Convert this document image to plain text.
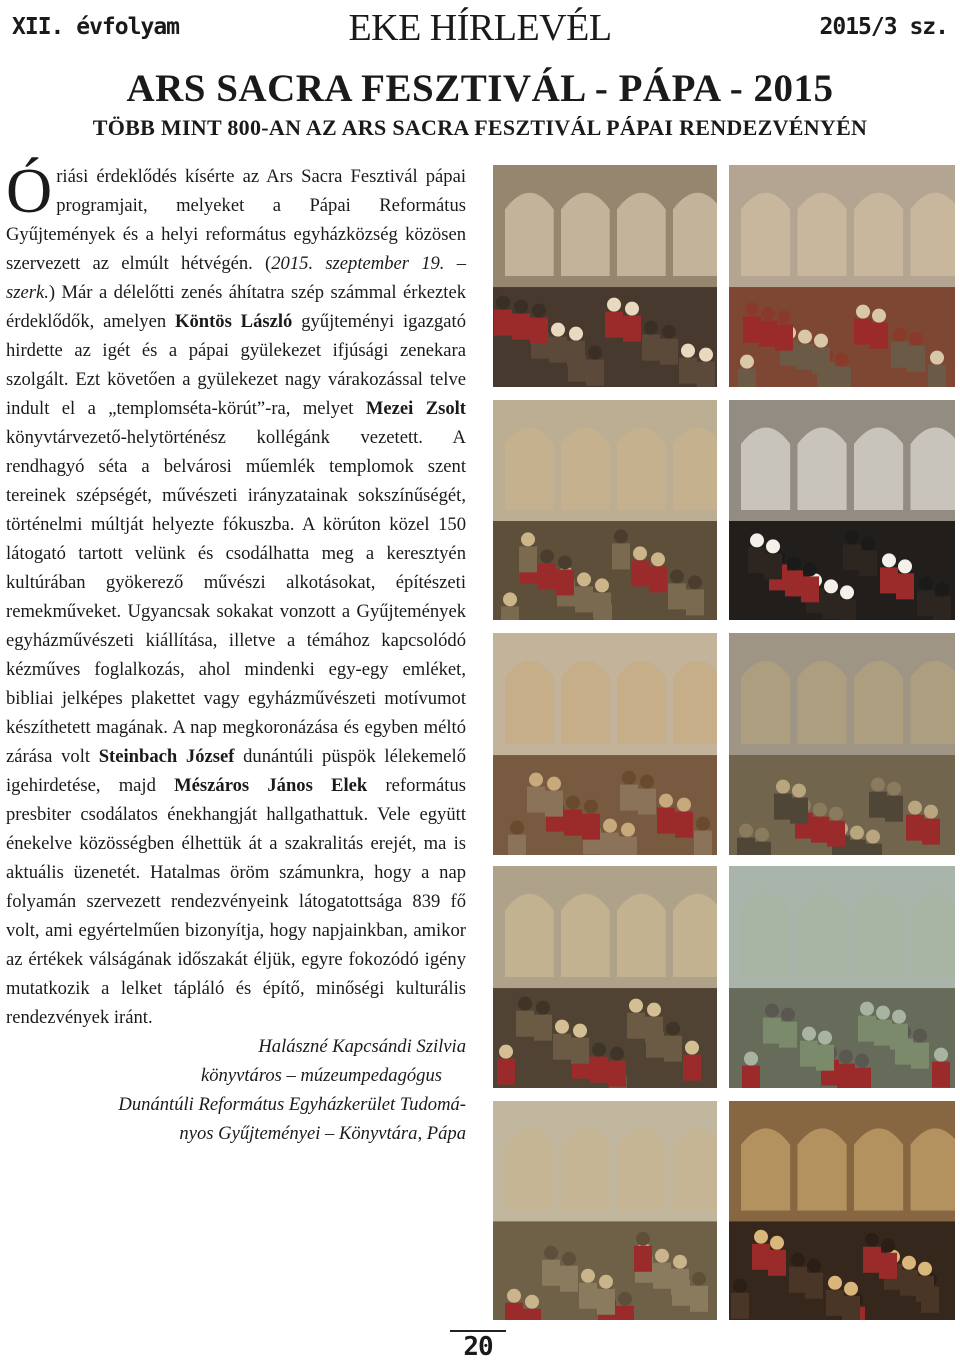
XII. évfolyam	EKE HÍRLEVÉL	2015/3 sz.
ARS SACRA FESZTIVÁL - PÁPA - 2015
TÖBB MINT 800-AN AZ ARS SACRA FESZTIVÁL PÁPAI RENDEZVÉNYÉN

Óriási érdeklődés kísérte az Ars Sacra Fesztivál pápai programjait, melyeket a Pápai Református Gyűjtemények és a helyi református egyházközség közösen szervezett az elmúlt hétvégén. (2015. szeptember 19. – szerk.) Már a délelőtti zenés áhítatra szép számmal érkeztek érdeklődők, amelyen Köntös László gyűjteményi igazgató hirdette az igét és a pápai gyülekezet ifjúsági zenekara szolgált. Ezt követően a gyülekezet nagy várakozással telve indult el a „templomséta-körút”-ra, melyet Mezei Zsolt könyvtárvezető-helytörténész kollégánk vezetett. A rendhagyó séta a belvárosi műemlék templomok szent tereinek szépségét, művészeti irányzatainak sokszínűségét, történelmi múltját helyezte fókuszba. A körúton közel 150 látogató tartott velünk és csodálhatta meg a keresztyén kultúrában gyökerező művészi alkotásokat, építészeti remekműveket. Ugyancsak sokakat vonzott a Gyűjtemények egyházművészeti kiállítása, illetve a témához kapcsolódó kézműves foglalkozás, ahol mindenki egy-egy emléket, bibliai jelképes plakettet vagy egyházművészeti motívumot készíthetett magának. A nap megkoronázása és egyben méltó zárása volt Steinbach József dunántúli püspök lélekemelő igehirdetése, majd Mészáros János Elek református presbiter csodálatos énekhangját hallgathattuk. Vele együtt énekelve közösségben élhettük át a szakralitás erejét, ma is aktuális üzenetét. Hatalmas öröm számunkra, hogy a nap folyamán szervezett rendezvényeink látogatottsága 839 fő volt, ami egyértelműen bizonyítja, hogy napjainkban, amikor az értékek válságának időszakát éljük, egyre fokozódó igény mutatkozik a lelket tápláló és építő, minőségi kulturális rendezvények iránt.

Halászné Kapcsándi Szilvia

könyvtáros – múzeumpedagógus

Dunántúli Református Egyházkerület Tudomá-

nyos Gyűjteményei – Könyvtára, Pápa

20
